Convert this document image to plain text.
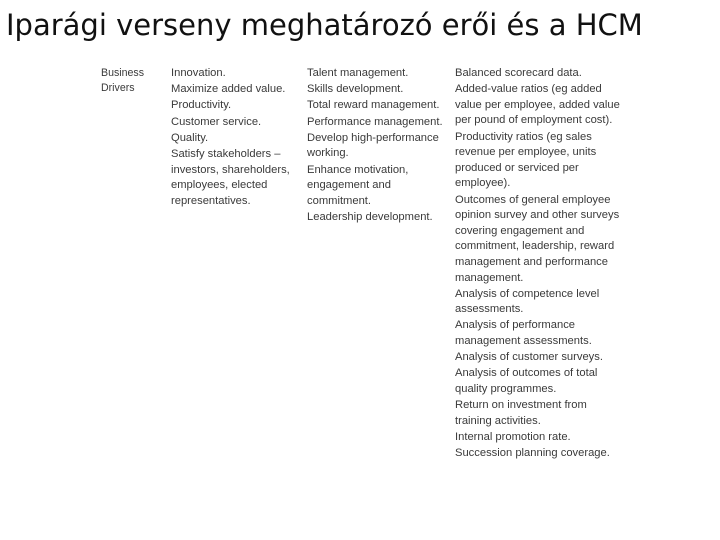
Iparági verseny meghatározó erői és a HCM
Business Drivers
Innovation.
Maximize added value.
Productivity.
Customer service.
Quality.
Satisfy stakeholders – investors, shareholders, employees, elected representatives.
Talent management.
Skills development.
Total reward management.
Performance management.
Develop high-performance working.
Enhance motivation, engagement and commitment.
Leadership development.
Balanced scorecard data.
Added-value ratios (eg added value per employee, added value per pound of employment cost).
Productivity ratios (eg sales revenue per employee, units produced or serviced per employee).
Outcomes of general employee opinion survey and other surveys covering engagement and commitment, leadership, reward management and performance management.
Analysis of competence level assessments.
Analysis of performance management assessments.
Analysis of customer surveys.
Analysis of outcomes of total quality programmes.
Return on investment from training activities.
Internal promotion rate.
Succession planning coverage.
